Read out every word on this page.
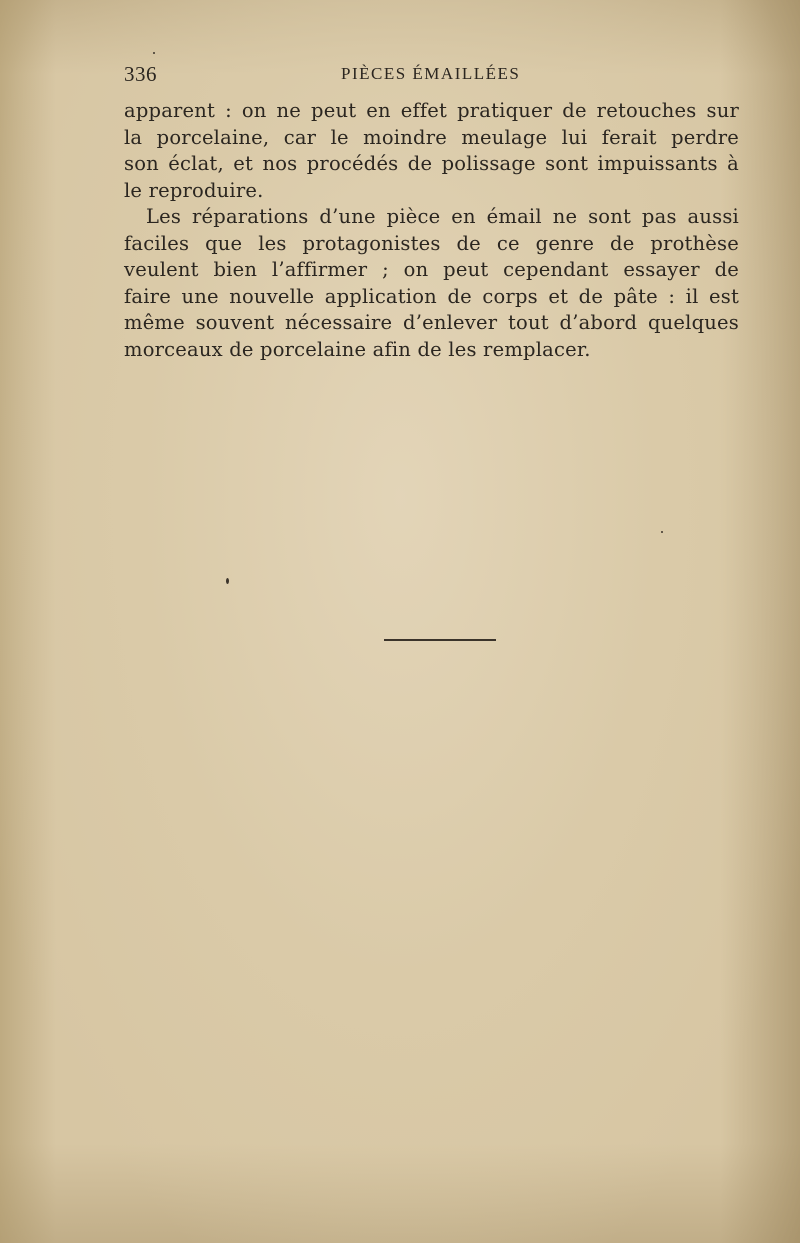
336	PIÈCES ÉMAILLÉES
apparent : on ne peut en effet pratiquer de retouches sur
la porcelaine, car le moindre meulage lui ferait perdre
son éclat, et nos procédés de polissage sont impuissants à
le reproduire.
Les réparations d’une pièce en émail ne sont pas aussi
faciles que les protagonistes de ce genre de prothèse
veulent bien l’affirmer ; on peut cependant essayer de
faire une nouvelle application de corps et de pâte : il est
même souvent nécessaire d’enlever tout d’abord quelques
morceaux de porcelaine afin de les remplacer.
